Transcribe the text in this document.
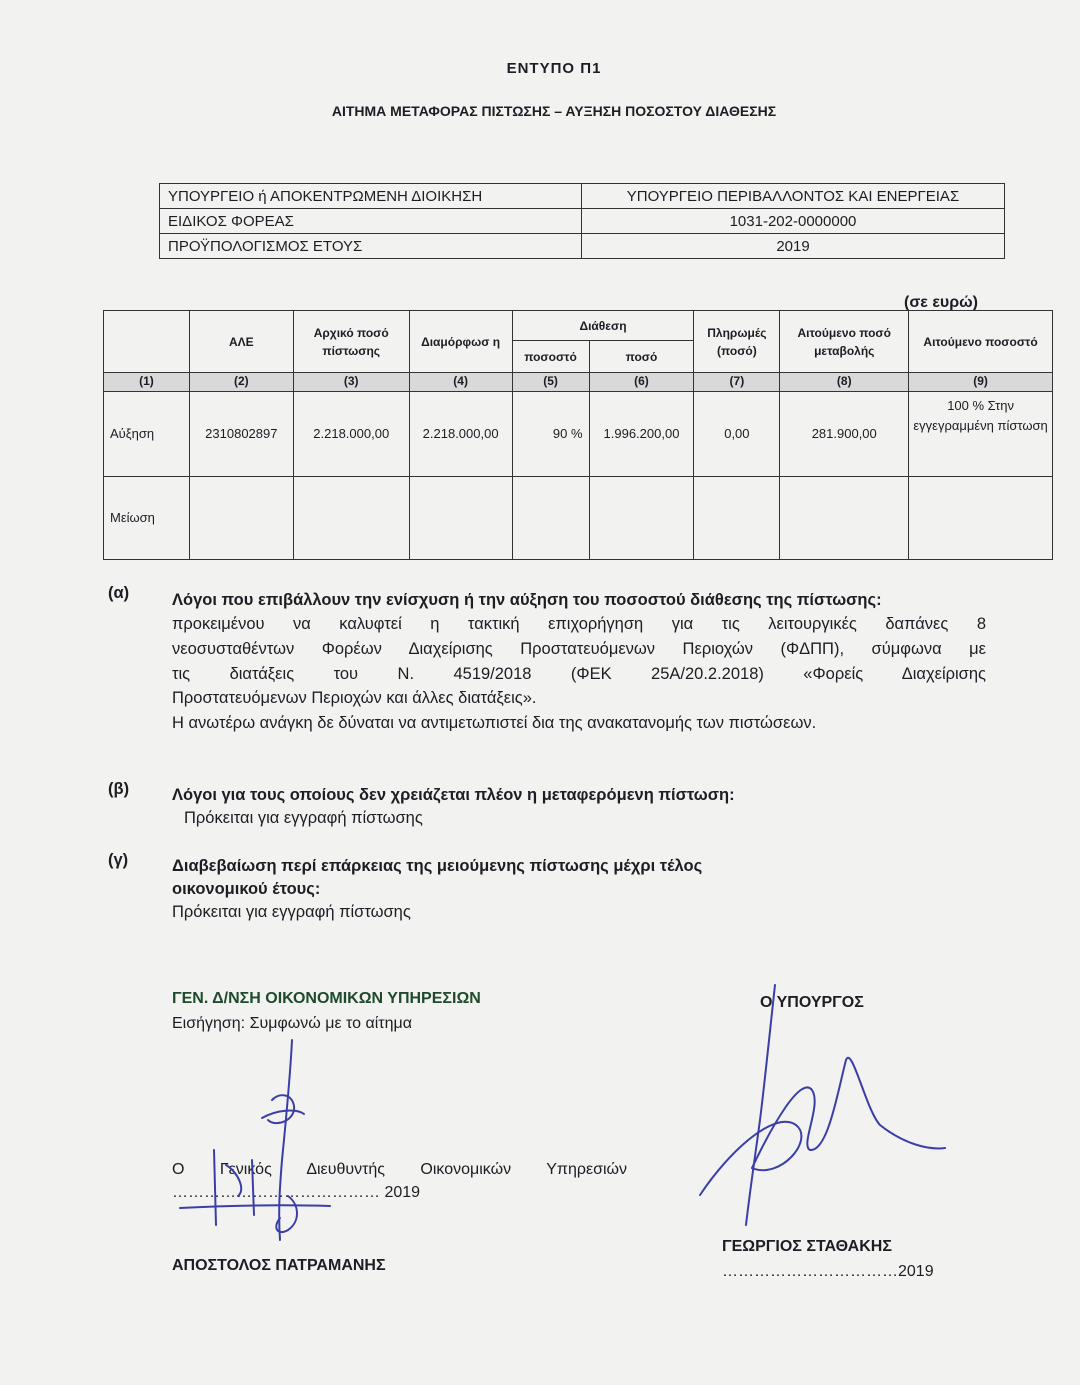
ΕΝΤΥΠΟ Π1
ΑΙΤΗΜΑ ΜΕΤΑΦΟΡΑΣ ΠΙΣΤΩΣΗΣ – ΑΥΞΗΣΗ ΠΟΣΟΣΤΟΥ ΔΙΑΘΕΣΗΣ
ΥΠΟΥΡΓΕΙΟ ή ΑΠΟΚΕΝΤΡΩΜΕΝΗ ΔΙΟΙΚΗΣΗ	ΥΠΟΥΡΓΕΙΟ ΠΕΡΙΒΑΛΛΟΝΤΟΣ ΚΑΙ ΕΝΕΡΓΕΙΑΣ
ΕΙΔΙΚΟΣ ΦΟΡΕΑΣ	1031-202-0000000
ΠΡΟΫΠΟΛΟΓΙΣΜΟΣ ΕΤΟΥΣ	2019
(σε ευρώ)
	ΑΛΕ	Αρχικό ποσό πίστωσης	Διαμόρφωσ η	Διάθεση		Πληρωμές (ποσό)	Αιτούμενο ποσό μεταβολής	Αιτούμενο ποσοστό
				ποσοστό	ποσό			
(1)	(2)	(3)	(4)	(5)	(6)	(7)	(8)	(9)
Αύξηση	2310802897	2.218.000,00	2.218.000,00	90 %	1.996.200,00	0,00	281.900,00	100 % Στην εγγεγραμμένη πίστωση
Μείωση								
(α)	Λόγοι που επιβάλλουν την ενίσχυση ή την αύξηση του ποσοστού διάθεσης της πίστωσης:
προκειμένου να καλυφτεί η τακτική επιχορήγηση για τις λειτουργικές δαπάνες 8
νεοσυσταθέντων Φορέων Διαχείρισης Προστατευόμενων Περιοχών (ΦΔΠΠ), σύμφωνα με
τις διατάξεις του Ν. 4519/2018 (ΦΕΚ 25Α/20.2.2018) «Φορείς Διαχείρισης
Προστατευόμενων Περιοχών και άλλες διατάξεις».
Η ανωτέρω ανάγκη δε δύναται να αντιμετωπιστεί δια της ανακατανομής των πιστώσεων.
(β)	Λόγοι για τους οποίους δεν χρειάζεται πλέον η μεταφερόμενη πίστωση:
Πρόκειται για εγγραφή πίστωσης
(γ)	Διαβεβαίωση περί επάρκειας της μειούμενης πίστωσης μέχρι τέλος
οικονομικού έτους:
Πρόκειται για εγγραφή πίστωσης
ΓΕΝ. Δ/ΝΣΗ ΟΙΚΟΝΟΜΙΚΩΝ ΥΠΗΡΕΣΙΩΝ
Εισήγηση: Συμφωνώ με το αίτημα
Ο Γενικός Διευθυντής Οικονομικών Υπηρεσιών
………………………………… 2019
ΑΠΟΣΤΟΛΟΣ ΠΑΤΡΑΜΑΝΗΣ
Ο ΥΠΟΥΡΓΟΣ
ΓΕΩΡΓΙΟΣ ΣΤΑΘΑΚΗΣ
……………………………2019
